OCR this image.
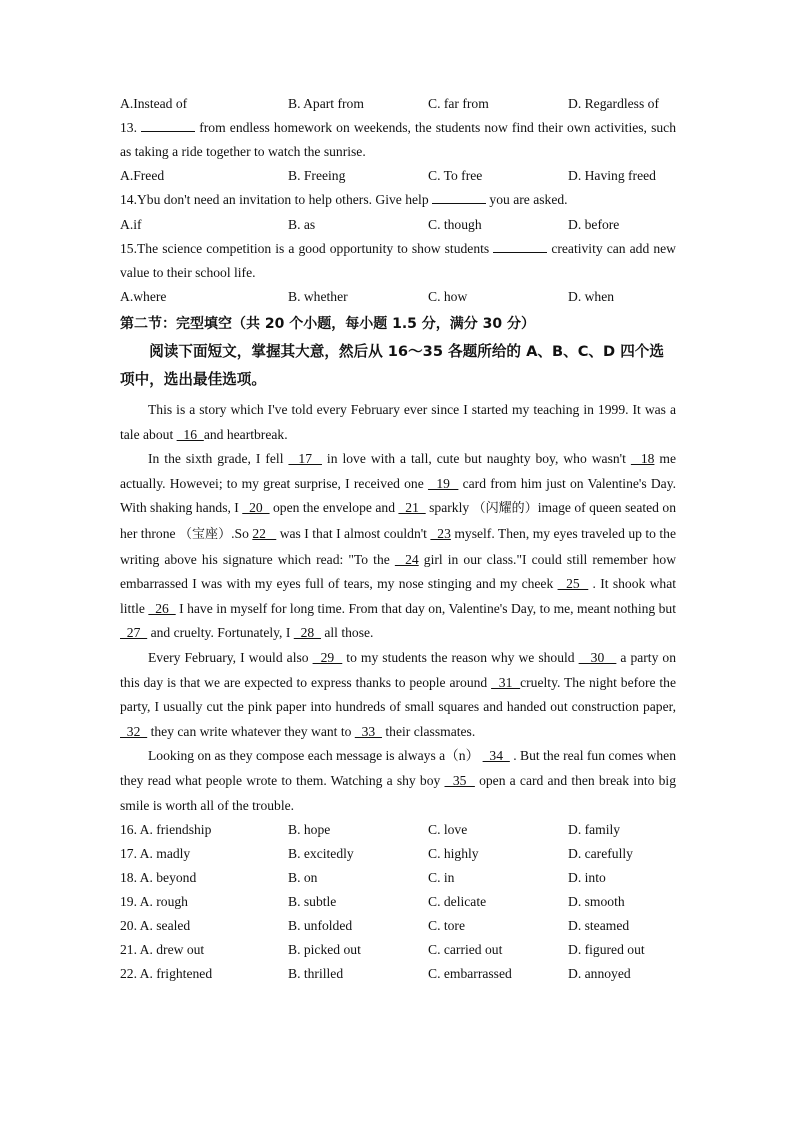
A.Instead of	B. Apart from	C. far from	D. Regardless of
13.	from endless homework on weekends, the students now find their own activities, such as taking a ride together to watch the sunrise.
A.Freed	B. Freeing	C. To free	D. Having freed
14.Ybu don't need an invitation to help others. Give help	you are asked.
A.if	B. as	C. though	D. before
15.The science competition is a good opportunity to show students	creativity can add new value to their school life.
A.where	B. whether	C. how	D. when
第二节：完型填空（共 20 个小题，每小题 1.5 分，满分 30 分）
阅读下面短文，掌握其大意，然后从 16～35 各题所给的 A、B、C、D 四个选项中，选出最佳选项。

This is a story which I've told every February ever since I started my teaching in 1999. It was a tale about   16  and heartbreak.

In the sixth grade, I fell   17   in love with a tall, cute but naughty boy, who wasn't   18 me actually. Howevei; to my great surprise, I received one   19   card from him just on Valentine's Day. With shaking hands, I   20   open the envelope and   21   sparkly （闪耀的）image of queen seated on her throne （宝座）.So 22    was I that I almost couldn't   23 myself. Then, my eyes traveled up to the writing above his signature which read: "To the   24 girl in our class."I could still remember how embarrassed I was with my eyes full of tears, my nose stinging and my cheek   25   . It shook what little   26   I have in myself for long time. From that day on, Valentine's Day, to me, meant nothing but   27   and cruelty. Fortunately, I   28   all those.

Every February, I would also   29   to my students the reason why we should    30    a party on this day is that we are expected to express thanks to people around   31  cruelty. The night before the party, I usually cut the pink paper into hundreds of small squares and handed out construction paper,   32   they can write whatever they want to   33   their classmates.

Looking on as they compose each message is always a（n）   34   . But the real fun comes when they read what people wrote to them. Watching a shy boy   35   open a card and then break into big smile is worth all of the trouble.

16. A. friendship	B. hope	C. love	D. family
17. A. madly	B. excitedly	C. highly	D. carefully
18. A. beyond	B. on	C. in	D. into
19. A. rough	B. subtle	C. delicate	D. smooth
20. A. sealed	B. unfolded	C. tore	D. steamed
21. A. drew out	B. picked out	C. carried out	D. figured out
22. A. frightened	B. thrilled	C. embarrassed	D. annoyed
